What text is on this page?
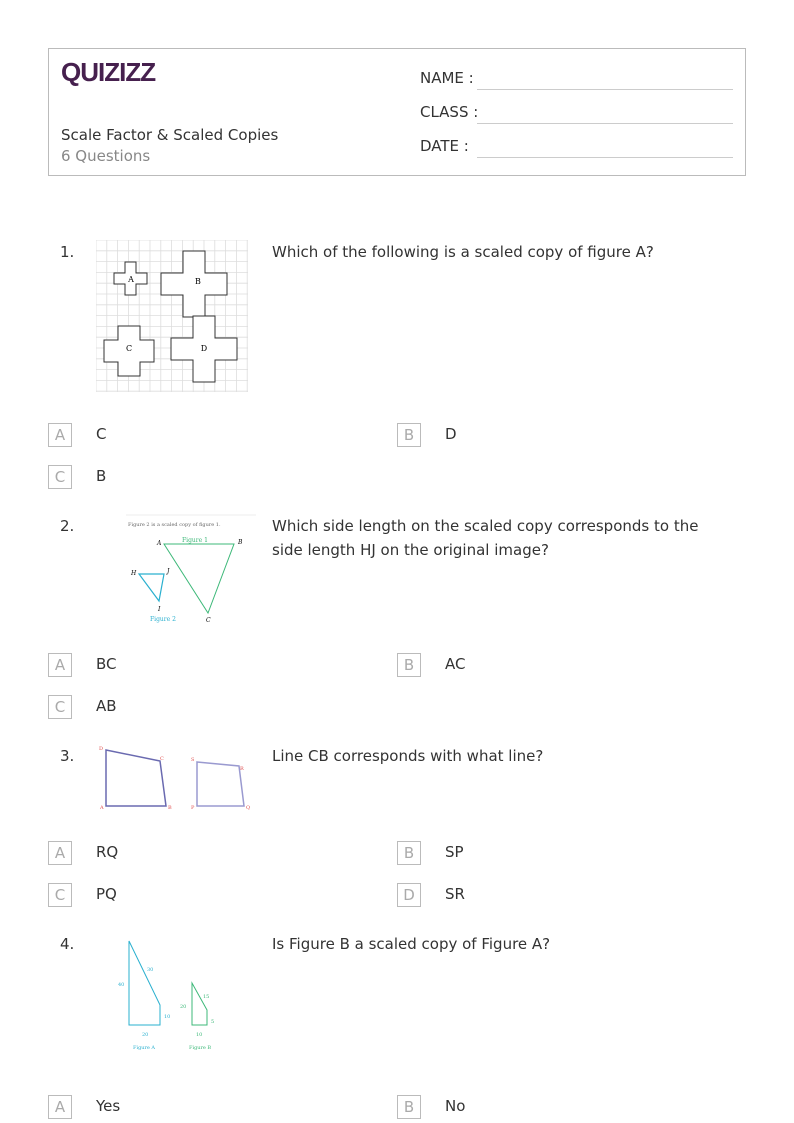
QUIZIZZ
Scale Factor & Scaled Copies
6 Questions
NAME :
CLASS :
DATE :
1.
A	B
C	D
Which of the following is a scaled copy of figure A?
A	C	B	D
C	B
2.	Figure 2 is a scaled copy of figure 1.
Figure 1
Figure 2
A	B
C
H	J
I
Which side length on the scaled copy corresponds to the side length HJ on the original image?
A	BC	B	AC
C	AB
3.	D
C
A	B
S
R
P	Q
Line CB corresponds with what line?
A	RQ	B	SP
C	PQ	D	SR
4.
40
30
10
20
Figure A
20
15
5
10
Figure B
Is Figure B a scaled copy of Figure A?
A	Yes	B	No
